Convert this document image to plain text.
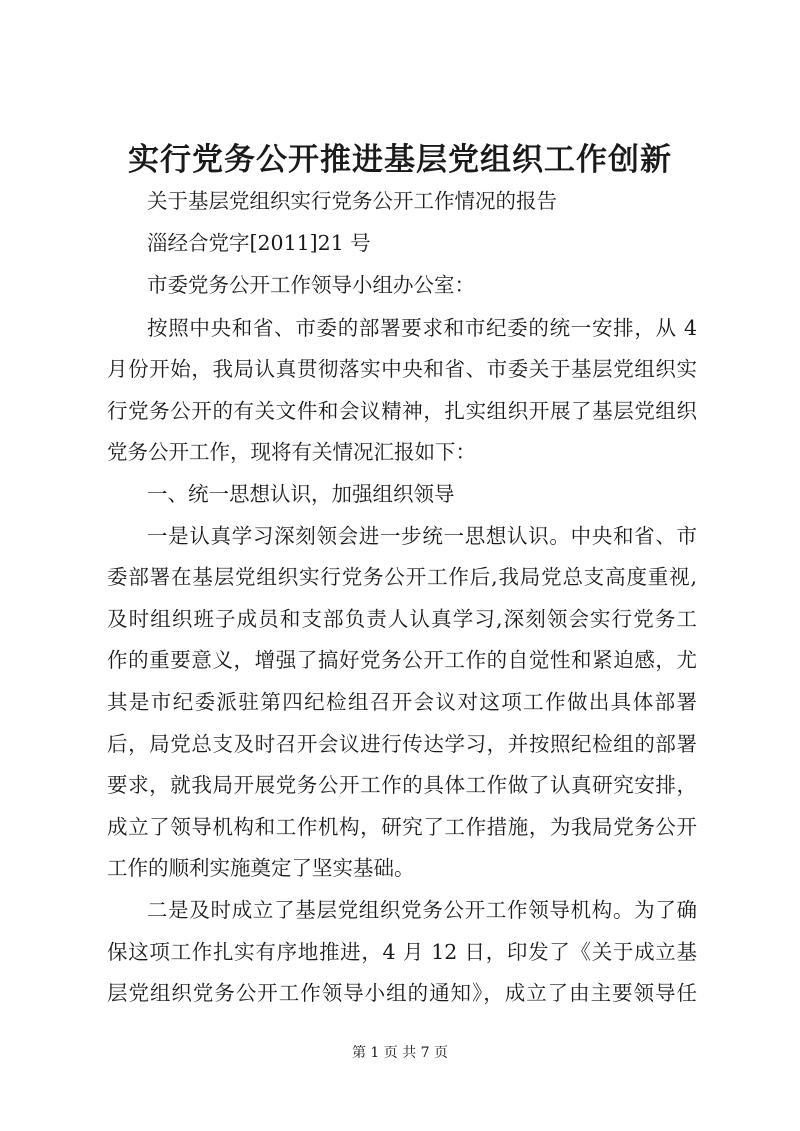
实行党务公开推进基层党组织工作创新
关于基层党组织实行党务公开工作情况的报告
淄经合党字[2011]21 号
市委党务公开工作领导小组办公室：
按照中央和省、市委的部署要求和市纪委的统一安排，从 4
月份开始，我局认真贯彻落实中央和省、市委关于基层党组织实
行党务公开的有关文件和会议精神，扎实组织开展了基层党组织
党务公开工作，现将有关情况汇报如下：
一、统一思想认识，加强组织领导
一是认真学习深刻领会进一步统一思想认识。中央和省、市
委部署在基层党组织实行党务公开工作后,我局党总支高度重视,
及时组织班子成员和支部负责人认真学习,深刻领会实行党务工
作的重要意义，增强了搞好党务公开工作的自觉性和紧迫感，尤
其是市纪委派驻第四纪检组召开会议对这项工作做出具体部署
后，局党总支及时召开会议进行传达学习，并按照纪检组的部署
要求，就我局开展党务公开工作的具体工作做了认真研究安排，
成立了领导机构和工作机构，研究了工作措施，为我局党务公开
工作的顺利实施奠定了坚实基础。
二是及时成立了基层党组织党务公开工作领导机构。为了确
保这项工作扎实有序地推进，4 月 12 日，印发了《关于成立基
层党组织党务公开工作领导小组的通知》，成立了由主要领导任
第 1 页 共 7 页
